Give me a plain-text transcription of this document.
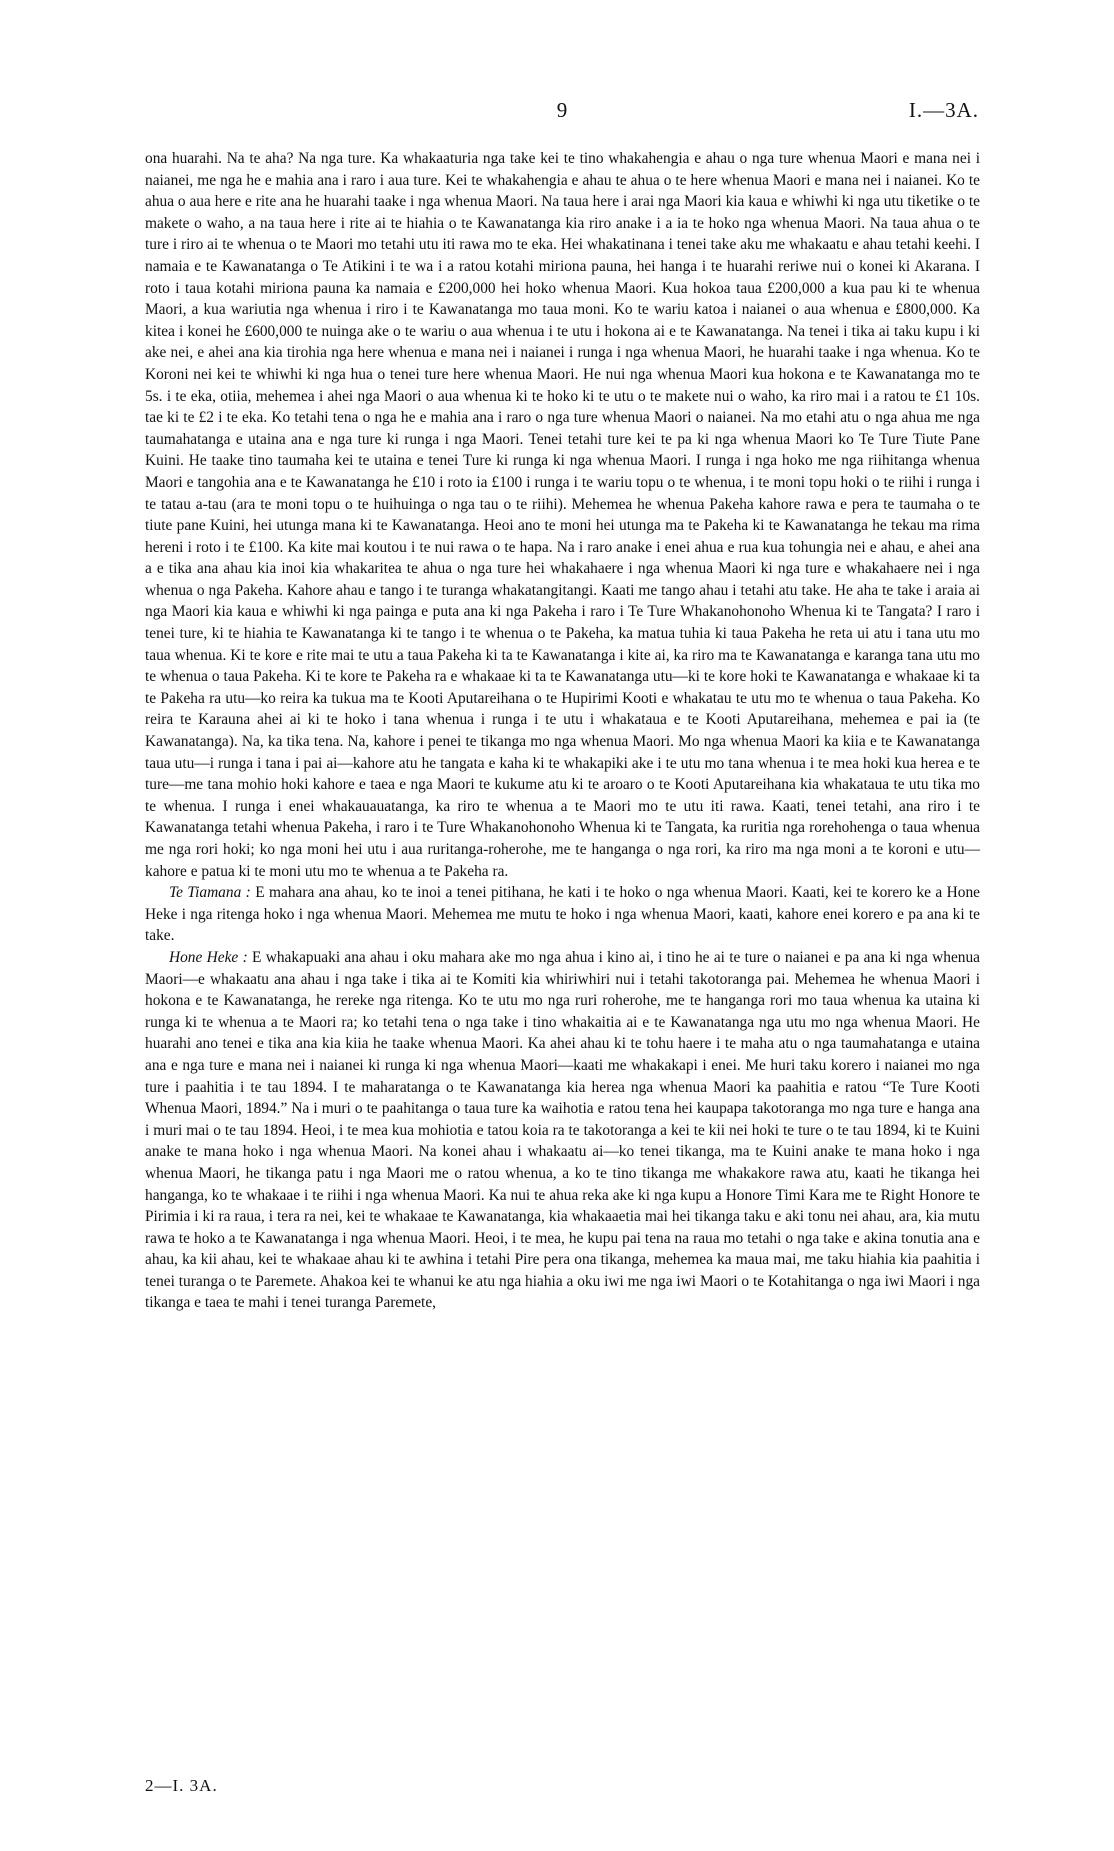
9	I.—3A.

ona huarahi. Na te aha? Na nga ture. Ka whakaaturia nga take kei te tino whakahengia e ahau o nga ture whenua Maori e mana nei i naianei, me nga he e mahia ana i raro i aua ture. Kei te whakahengia e ahau te ahua o te here whenua Maori e mana nei i naianei. Ko te ahua o aua here e rite ana he huarahi taake i nga whenua Maori. Na taua here i arai nga Maori kia kaua e whiwhi ki nga utu tiketike o te makete o waho, a na taua here i rite ai te hiahia o te Kawanatanga kia riro anake i a ia te hoko nga whenua Maori. Na taua ahua o te ture i riro ai te whenua o te Maori mo tetahi utu iti rawa mo te eka. Hei whakatinana i tenei take aku me whakaatu e ahau tetahi keehi. I namaia e te Kawanatanga o Te Atikini i te wa i a ratou kotahi miriona pauna, hei hanga i te huarahi reriwe nui o konei ki Akarana. I roto i taua kotahi miriona pauna ka namaia e £200,000 hei hoko whenua Maori. Kua hokoa taua £200,000 a kua pau ki te whenua Maori, a kua wariutia nga whenua i riro i te Kawanatanga mo taua moni. Ko te wariu katoa i naianei o aua whenua e £800,000. Ka kitea i konei he £600,000 te nuinga ake o te wariu o aua whenua i te utu i hokona ai e te Kawanatanga. Na tenei i tika ai taku kupu i ki ake nei, e ahei ana kia tirohia nga here whenua e mana nei i naianei i runga i nga whenua Maori, he huarahi taake i nga whenua. Ko te Koroni nei kei te whiwhi ki nga hua o tenei ture here whenua Maori. He nui nga whenua Maori kua hokona e te Kawanatanga mo te 5s. i te eka, otiia, mehemea i ahei nga Maori o aua whenua ki te hoko ki te utu o te makete nui o waho, ka riro mai i a ratou te £1 10s. tae ki te £2 i te eka. Ko tetahi tena o nga he e mahia ana i raro o nga ture whenua Maori o naianei. Na mo etahi atu o nga ahua me nga taumahatanga e utaina ana e nga ture ki runga i nga Maori. Tenei tetahi ture kei te pa ki nga whenua Maori ko Te Ture Tiute Pane Kuini. He taake tino taumaha kei te utaina e tenei Ture ki runga ki nga whenua Maori. I runga i nga hoko me nga riihitanga whenua Maori e tangohia ana e te Kawanatanga he £10 i roto ia £100 i runga i te wariu topu o te whenua, i te moni topu hoki o te riihi i runga i te tatau a-tau (ara te moni topu o te huihuinga o nga tau o te riihi). Mehemea he whenua Pakeha kahore rawa e pera te taumaha o te tiute pane Kuini, hei utunga mana ki te Kawanatanga. Heoi ano te moni hei utunga ma te Pakeha ki te Kawanatanga he tekau ma rima hereni i roto i te £100. Ka kite mai koutou i te nui rawa o te hapa. Na i raro anake i enei ahua e rua kua tohungia nei e ahau, e ahei ana a e tika ana ahau kia inoi kia whakaritea te ahua o nga ture hei whakahaere i nga whenua Maori ki nga ture e whakahaere nei i nga whenua o nga Pakeha. Kahore ahau e tango i te turanga whakatangitangi. Kaati me tango ahau i tetahi atu take. He aha te take i araia ai nga Maori kia kaua e whiwhi ki nga painga e puta ana ki nga Pakeha i raro i Te Ture Whakanohonoho Whenua ki te Tangata? I raro i tenei ture, ki te hiahia te Kawanatanga ki te tango i te whenua o te Pakeha, ka matua tuhia ki taua Pakeha he reta ui atu i tana utu mo taua whenua. Ki te kore e rite mai te utu a taua Pakeha ki ta te Kawanatanga i kite ai, ka riro ma te Kawanatanga e karanga tana utu mo te whenua o taua Pakeha. Ki te kore te Pakeha ra e whakaae ki ta te Kawanatanga utu—ki te kore hoki te Kawanatanga e whakaae ki ta te Pakeha ra utu—ko reira ka tukua ma te Kooti Aputareihana o te Hupirimi Kooti e whakatau te utu mo te whenua o taua Pakeha. Ko reira te Karauna ahei ai ki te hoko i tana whenua i runga i te utu i whakataua e te Kooti Aputareihana, mehemea e pai ia (te Kawanatanga). Na, ka tika tena. Na, kahore i penei te tikanga mo nga whenua Maori. Mo nga whenua Maori ka kiia e te Kawanatanga taua utu—i runga i tana i pai ai—kahore atu he tangata e kaha ki te whakapiki ake i te utu mo tana whenua i te mea hoki kua herea e te ture—me tana mohio hoki kahore e taea e nga Maori te kukume atu ki te aroaro o te Kooti Aputareihana kia whakataua te utu tika mo te whenua. I runga i enei whakauauatanga, ka riro te whenua a te Maori mo te utu iti rawa. Kaati, tenei tetahi, ana riro i te Kawanatanga tetahi whenua Pakeha, i raro i te Ture Whakanohonoho Whenua ki te Tangata, ka ruritia nga rorehohenga o taua whenua me nga rori hoki; ko nga moni hei utu i aua ruritanga-roherohe, me te hanganga o nga rori, ka riro ma nga moni a te koroni e utu—kahore e patua ki te moni utu mo te whenua a te Pakeha ra.

Te Tiamana : E mahara ana ahau, ko te inoi a tenei pitihana, he kati i te hoko o nga whenua Maori. Kaati, kei te korero ke a Hone Heke i nga ritenga hoko i nga whenua Maori. Mehemea me mutu te hoko i nga whenua Maori, kaati, kahore enei korero e pa ana ki te take.

Hone Heke : E whakapuaki ana ahau i oku mahara ake mo nga ahua i kino ai, i tino he ai te ture o naianei e pa ana ki nga whenua Maori—e whakaatu ana ahau i nga take i tika ai te Komiti kia whiriwhiri nui i tetahi takotoranga pai. Mehemea he whenua Maori i hokona e te Kawanatanga, he rereke nga ritenga. Ko te utu mo nga ruri roherohe, me te hanganga rori mo taua whenua ka utaina ki runga ki te whenua a te Maori ra; ko tetahi tena o nga take i tino whakaitia ai e te Kawanatanga nga utu mo nga whenua Maori. He huarahi ano tenei e tika ana kia kiia he taake whenua Maori. Ka ahei ahau ki te tohu haere i te maha atu o nga taumahatanga e utaina ana e nga ture e mana nei i naianei ki runga ki nga whenua Maori—kaati me whakakapi i enei. Me huri taku korero i naianei mo nga ture i paahitia i te tau 1894. I te maharatanga o te Kawanatanga kia herea nga whenua Maori ka paahitia e ratou “Te Ture Kooti Whenua Maori, 1894.” Na i muri o te paahitanga o taua ture ka waihotia e ratou tena hei kaupapa takotoranga mo nga ture e hanga ana i muri mai o te tau 1894. Heoi, i te mea kua mohiotia e tatou koia ra te takotoranga a kei te kii nei hoki te ture o te tau 1894, ki te Kuini anake te mana hoko i nga whenua Maori. Na konei ahau i whakaatu ai—ko tenei tikanga, ma te Kuini anake te mana hoko i nga whenua Maori, he tikanga patu i nga Maori me o ratou whenua, a ko te tino tikanga me whakakore rawa atu, kaati he tikanga hei hanganga, ko te whakaae i te riihi i nga whenua Maori. Ka nui te ahua reka ake ki nga kupu a Honore Timi Kara me te Right Honore te Pirimia i ki ra raua, i tera ra nei, kei te whakaae te Kawanatanga, kia whakaaetia mai hei tikanga taku e aki tonu nei ahau, ara, kia mutu rawa te hoko a te Kawanatanga i nga whenua Maori. Heoi, i te mea, he kupu pai tena na raua mo tetahi o nga take e akina tonutia ana e ahau, ka kii ahau, kei te whakaae ahau ki te awhina i tetahi Pire pera ona tikanga, mehemea ka maua mai, me taku hiahia kia paahitia i tenei turanga o te Paremete. Ahakoa kei te whanui ke atu nga hiahia a oku iwi me nga iwi Maori o te Kotahitanga o nga iwi Maori i nga tikanga e taea te mahi i tenei turanga Paremete,

2—I. 3A.
